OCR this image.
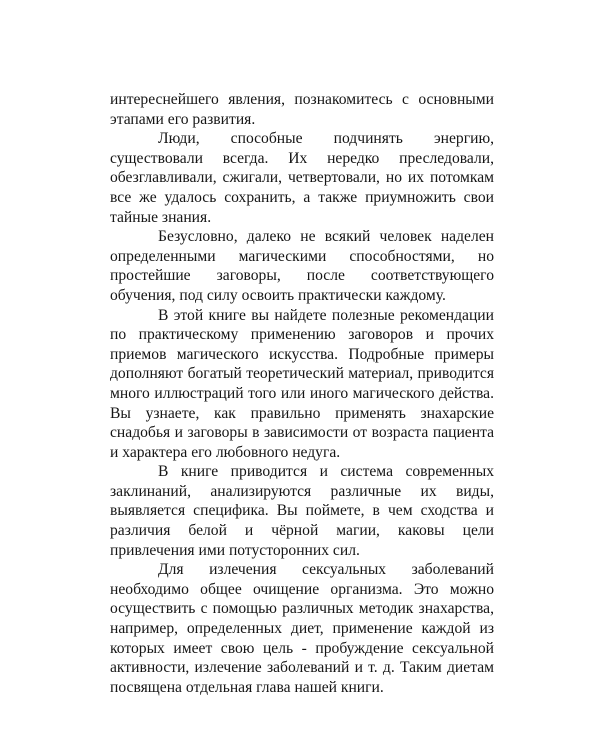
интереснейшего явления, познакомитесь с основными этапами его развития.

Люди, способные подчинять энергию, существовали всегда. Их нередко преследовали, обезглавливали, сжигали, четвертовали, но их потомкам все же удалось сохранить, а также приумножить свои тайные знания.

Безусловно, далеко не всякий человек наделен определенными магическими способностями, но простейшие заговоры, после соответствующего обучения, под силу освоить практически каждому.

В этой книге вы найдете полезные рекомендации по практическому применению заговоров и прочих приемов магического искусства. Подробные примеры дополняют богатый теоретический материал, приводится много иллюстраций того или иного магического действа. Вы узнаете, как правильно применять знахарские снадобья и заговоры в зависимости от возраста пациента и характера его любовного недуга.

В книге приводится и система современных заклинаний, анализируются различные их виды, выявляется специфика. Вы поймете, в чем сходства и различия белой и чёрной магии, каковы цели привлечения ими потусторонних сил.

Для излечения сексуальных заболеваний необходимо общее очищение организма. Это можно осуществить с помощью различных методик знахарства, например, определенных диет, применение каждой из которых имеет свою цель - пробуждение сексуальной активности, излечение заболеваний и т. д. Таким диетам посвящена отдельная глава нашей книги.
